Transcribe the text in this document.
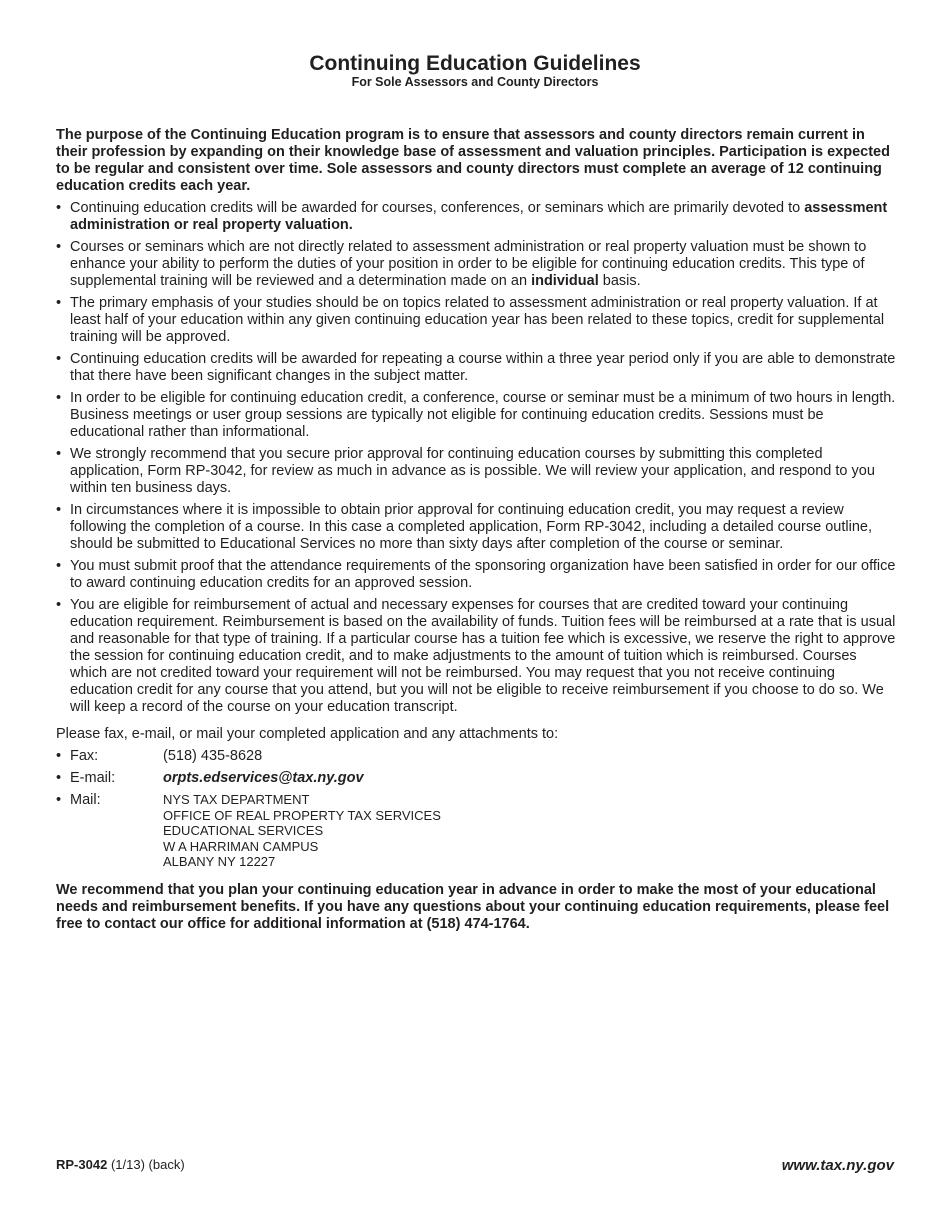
Continuing Education Guidelines
For Sole Assessors and County Directors

The purpose of the Continuing Education program is to ensure that assessors and county directors remain current in their profession by expanding on their knowledge base of assessment and valuation principles. Participation is expected to be regular and consistent over time. Sole assessors and county directors must complete an average of 12 continuing education credits each year.

• Continuing education credits will be awarded for courses, conferences, or seminars which are primarily devoted to assessment administration or real property valuation.
• Courses or seminars which are not directly related to assessment administration or real property valuation must be shown to enhance your ability to perform the duties of your position in order to be eligible for continuing education credits. This type of supplemental training will be reviewed and a determination made on an individual basis.
• The primary emphasis of your studies should be on topics related to assessment administration or real property valuation. If at least half of your education within any given continuing education year has been related to these topics, credit for supplemental training will be approved.
• Continuing education credits will be awarded for repeating a course within a three year period only if you are able to demonstrate that there have been significant changes in the subject matter.
• In order to be eligible for continuing education credit, a conference, course or seminar must be a minimum of two hours in length. Business meetings or user group sessions are typically not eligible for continuing education credits. Sessions must be educational rather than informational.
• We strongly recommend that you secure prior approval for continuing education courses by submitting this completed application, Form RP-3042, for review as much in advance as is possible. We will review your application, and respond to you within ten business days.
• In circumstances where it is impossible to obtain prior approval for continuing education credit, you may request a review following the completion of a course. In this case a completed application, Form RP-3042, including a detailed course outline, should be submitted to Educational Services no more than sixty days after completion of the course or seminar.
• You must submit proof that the attendance requirements of the sponsoring organization have been satisfied in order for our office to award continuing education credits for an approved session.
• You are eligible for reimbursement of actual and necessary expenses for courses that are credited toward your continuing education requirement. Reimbursement is based on the availability of funds. Tuition fees will be reimbursed at a rate that is usual and reasonable for that type of training. If a particular course has a tuition fee which is excessive, we reserve the right to approve the session for continuing education credit, and to make adjustments to the amount of tuition which is reimbursed. Courses which are not credited toward your requirement will not be reimbursed. You may request that you not receive continuing education credit for any course that you attend, but you will not be eligible to receive reimbursement if you choose to do so. We will keep a record of the course on your education transcript.
Please fax, e-mail, or mail your completed application and any attachments to:
• Fax:	(518) 435-8628
• E-mail:	orpts.edservices@tax.ny.gov
• Mail:	NYS TAX DEPARTMENT
OFFICE OF REAL PROPERTY TAX SERVICES
EDUCATIONAL SERVICES
W A HARRIMAN CAMPUS
ALBANY NY 12227
We recommend that you plan your continuing education year in advance in order to make the most of your educational needs and reimbursement benefits. If you have any questions about your continuing education requirements, please feel free to contact our office for additional information at (518) 474-1764.
RP-3042 (1/13) (back)	www.tax.ny.gov
